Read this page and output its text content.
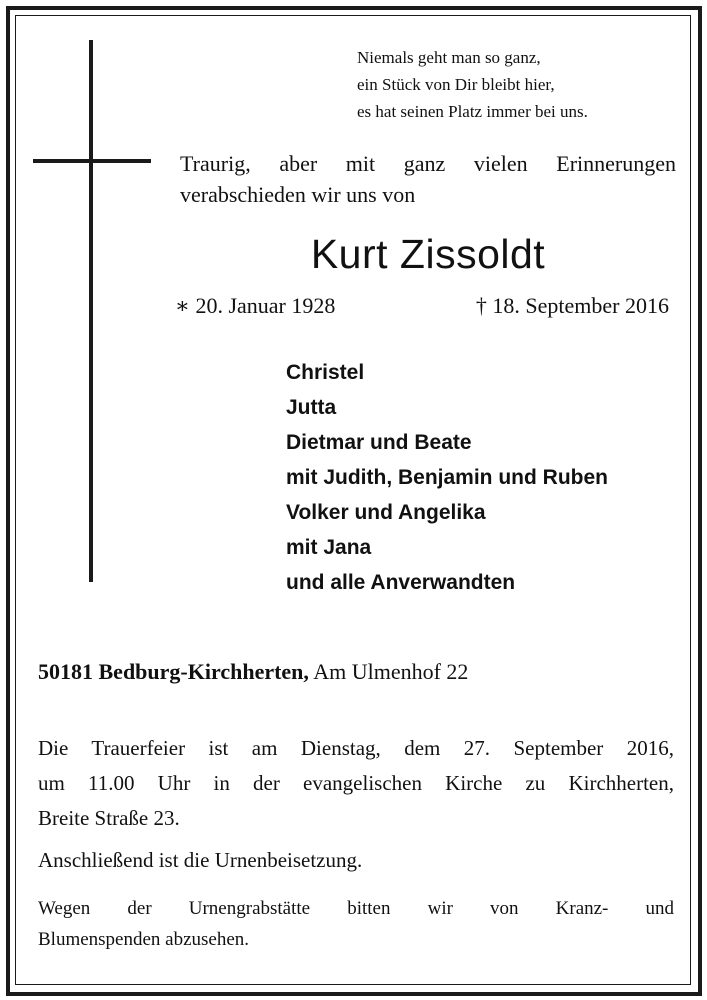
Niemals geht man so ganz,
ein Stück von Dir bleibt hier,
es hat seinen Platz immer bei uns.
Traurig, aber mit ganz vielen Erinnerungen
verabschieden wir uns von
Kurt Zissoldt
∗ 20. Januar 1928	† 18. September 2016
Christel
Jutta
Dietmar und Beate
mit Judith, Benjamin und Ruben
Volker und Angelika
mit Jana
und alle Anverwandten
50181 Bedburg-Kirchherten, Am Ulmenhof 22
Die Trauerfeier ist am Dienstag, dem 27. September 2016,
um 11.00 Uhr in der evangelischen Kirche zu Kirchherten,
Breite Straße 23.
Anschließend ist die Urnenbeisetzung.
Wegen der Urnengrabstätte bitten wir von Kranz- und
Blumenspenden abzusehen.
